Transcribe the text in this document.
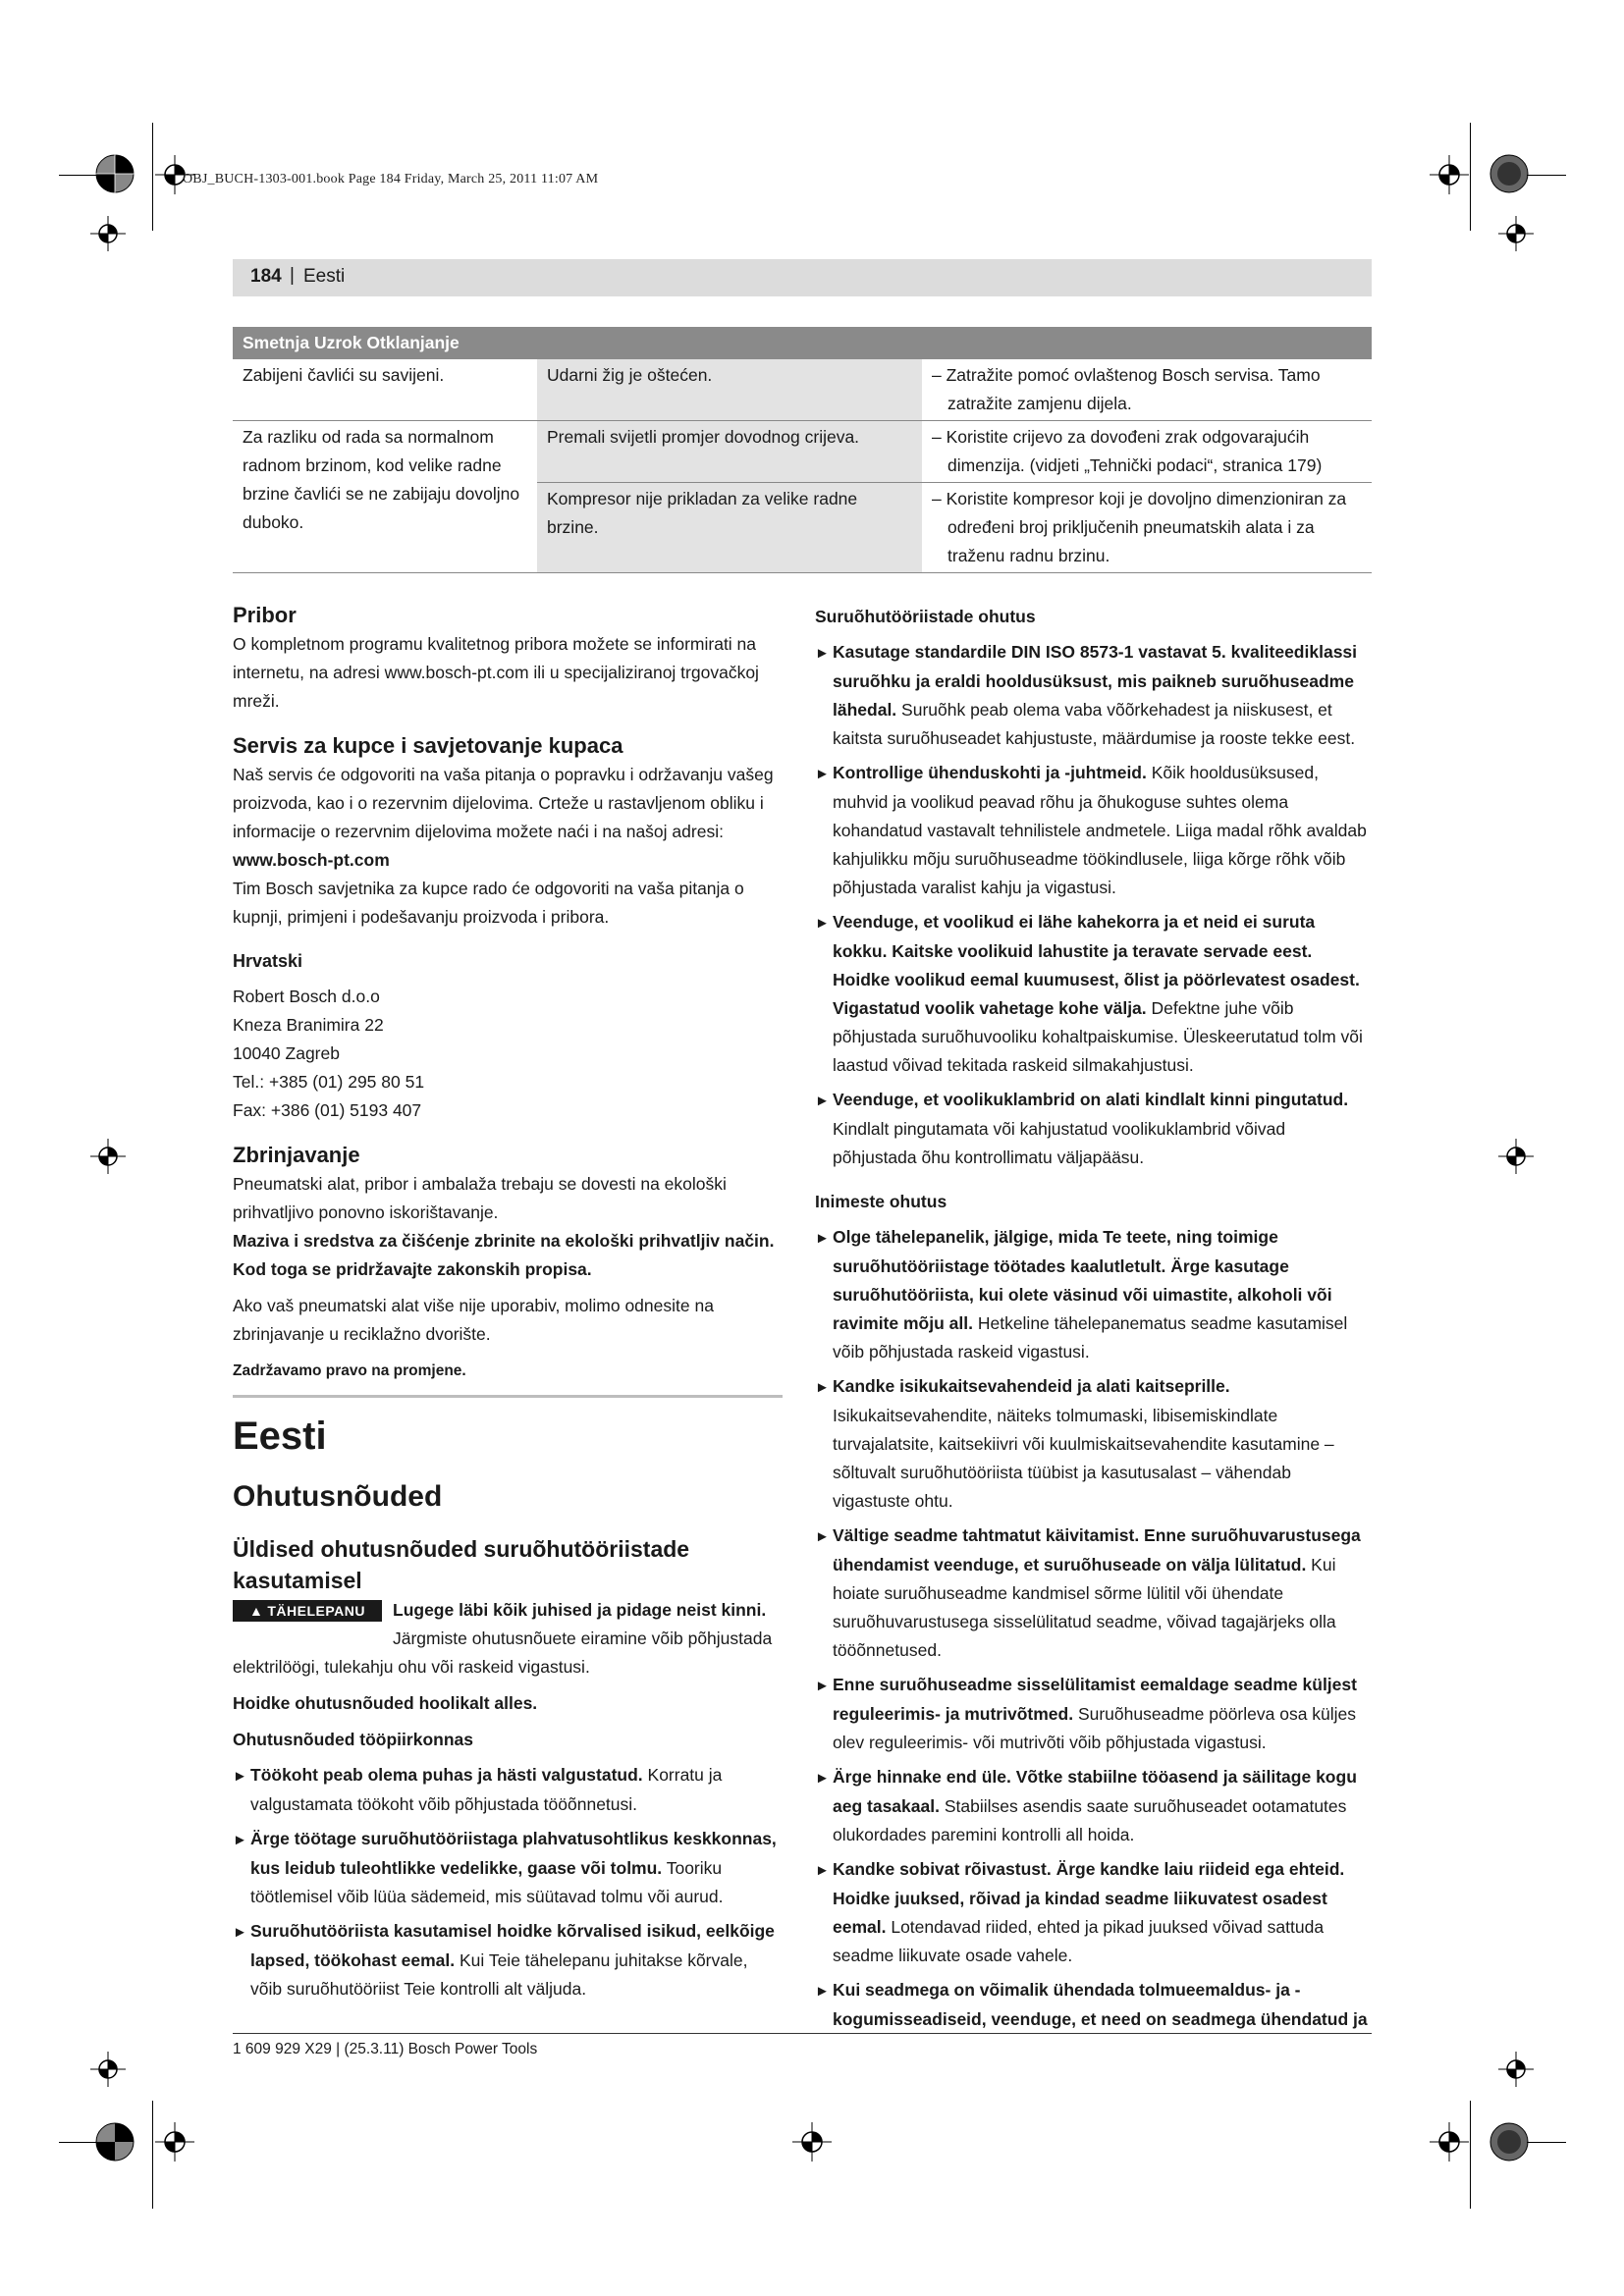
OBJ_BUCH-1303-001.book Page 184 Friday, March 25, 2011 11:07 AM
184 | Eesti
Smetnja Uzrok Otklanjanje		
Zabijeni čavlići su savijeni.	Udarni žig je oštećen.	– Zatražite pomoć ovlaštenog Bosch servisa. Tamo zatražite zamjenu dijela.

Za razliku od rada sa normalnom radnom brzinom, kod velike radne brzine čavlići se ne zabijaju dovoljno duboko.	Premali svijetli promjer dovodnog crijeva.	– Koristite crijevo za dovođeni zrak odgovarajućih dimenzija. (vidjeti „Tehnički podaci“, stranica 179)

	Kompresor nije prikladan za velike radne brzine.	– Koristite kompresor koji je dovoljno dimenzioniran za određeni broj priključenih pneumatskih alata i za traženu radnu brzinu.

Pribor

O kompletnom programu kvalitetnog pribora možete se informirati na internetu, na adresi www.bosch-pt.com ili u specijaliziranoj trgovačkoj mreži.

Servis za kupce i savjetovanje kupaca

Naš servis će odgovoriti na vaša pitanja o popravku i održavanju vašeg proizvoda, kao i o rezervnim dijelovima. Crteže u rastavljenom obliku i informacije o rezervnim dijelovima možete naći i na našoj adresi:

www.bosch-pt.com

Tim Bosch savjetnika za kupce rado će odgovoriti na vaša pitanja o kupnji, primjeni i podešavanju proizvoda i pribora.

Hrvatski

Robert Bosch d.o.o

Kneza Branimira 22

10040 Zagreb

Tel.: +385 (01) 295 80 51

Fax: +386 (01) 5193 407

Zbrinjavanje

Pneumatski alat, pribor i ambalaža trebaju se dovesti na ekološki prihvatljivo ponovno iskorištavanje.

Maziva i sredstva za čišćenje zbrinite na ekološki prihvatljiv način. Kod toga se pridržavajte zakonskih propisa.

Ako vaš pneumatski alat više nije uporabiv, molimo odnesite na zbrinjavanje u reciklažno dvorište.

Zadržavamo pravo na promjene.

Eesti

Ohutusnõuded

Üldised ohutusnõuded suruõhutööriistade kasutamisel

▲ TÄHELEPANU	Lugege läbi kõik juhised ja pidage neist kinni.

Järgmiste ohutusnõuete eiramine võib põhjustada elektrilöögi, tulekahju ohu või raskeid vigastusi.

Hoidke ohutusnõuded hoolikalt alles.

Ohutusnõuded tööpiirkonnas

► Töökoht peab olema puhas ja hästi valgustatud. Korratu ja valgustamata töökoht võib põhjustada tööõnnetusi.

► Ärge töötage suruõhutööriistaga plahvatusohtlikus keskkonnas, kus leidub tuleohtlikke vedelikke, gaase või tolmu. Tooriku töötlemisel võib lüüa sädemeid, mis süütavad tolmu või aurud.

► Suruõhutööriista kasutamisel hoidke kõrvalised isikud, eelkõige lapsed, töökohast eemal. Kui Teie tähelepanu juhitakse kõrvale, võib suruõhutööriist Teie kontrolli alt väljuda.

Suruõhutööriistade ohutus

► Kasutage standardile DIN ISO 8573-1 vastavat 5. kvaliteediklassi suruõhku ja eraldi hooldusüksust, mis paikneb suruõhuseadme lähedal. Suruõhk peab olema vaba võõrkehadest ja niiskusest, et kaitsta suruõhuseadet kahjustuste, määrdumise ja rooste tekke eest.

► Kontrollige ühenduskohti ja -juhtmeid. Kõik hooldusüksused, muhvid ja voolikud peavad rõhu ja õhukoguse suhtes olema kohandatud vastavalt tehnilistele andmetele. Liiga madal rõhk avaldab kahjulikku mõju suruõhuseadme töökindlusele, liiga kõrge rõhk võib põhjustada varalist kahju ja vigastusi.

► Veenduge, et voolikud ei lähe kahekorra ja et neid ei suruta kokku. Kaitske voolikuid lahustite ja teravate servade eest. Hoidke voolikud eemal kuumusest, õlist ja pöörlevatest osadest. Vigastatud voolik vahetage kohe välja. Defektne juhe võib põhjustada suruõhuvooliku kohaltpaiskumise. Üleskeerutatud tolm või laastud võivad tekitada raskeid silmakahjustusi.

► Veenduge, et voolikuklambrid on alati kindlalt kinni pingutatud. Kindlalt pingutamata või kahjustatud voolikuklambrid võivad põhjustada õhu kontrollimatu väljapääsu.

Inimeste ohutus

► Olge tähelepanelik, jälgige, mida Te teete, ning toimige suruõhutööriistage töötades kaalutletult. Ärge kasutage suruõhutööriista, kui olete väsinud või uimastite, alkoholi või ravimite mõju all. Hetkeline tähelepanematus seadme kasutamisel võib põhjustada raskeid vigastusi.

► Kandke isikukaitsevahendeid ja alati kaitseprille. Isikukaitsevahendite, näiteks tolmumaski, libisemiskindlate turvajalatsite, kaitsekiivri või kuulmiskaitsevahendite kasutamine – sõltuvalt suruõhutööriista tüübist ja kasutusalast – vähendab vigastuste ohtu.

► Vältige seadme tahtmatut käivitamist. Enne suruõhuvarustusega ühendamist veenduge, et suruõhuseade on välja lülitatud. Kui hoiate suruõhuseadme kandmisel sõrme lülitil või ühendate suruõhuvarustusega sisselülitatud seadme, võivad tagajärjeks olla tööõnnetused.

► Enne suruõhuseadme sisselülitamist eemaldage seadme küljest reguleerimis- ja mutrivõtmed. Suruõhuseadme pöörleva osa küljes olev reguleerimis- või mutrivõti võib põhjustada vigastusi.

► Ärge hinnake end üle. Võtke stabiilne tööasend ja säilitage kogu aeg tasakaal. Stabiilses asendis saate suruõhuseadet ootamatutes olukordades paremini kontrolli all hoida.

► Kandke sobivat rõivastust. Ärge kandke laiu riideid ega ehteid. Hoidke juuksed, rõivad ja kindad seadme liikuvatest osadest eemal. Lotendavad riided, ehted ja pikad juuksed võivad sattuda seadme liikuvate osade vahele.

► Kui seadmega on võimalik ühendada tolmueemaldus- ja -kogumisseadiseid, veenduge, et need on seadmega ühendatud ja

1 609 929 X29 | (25.3.11) Bosch Power Tools
